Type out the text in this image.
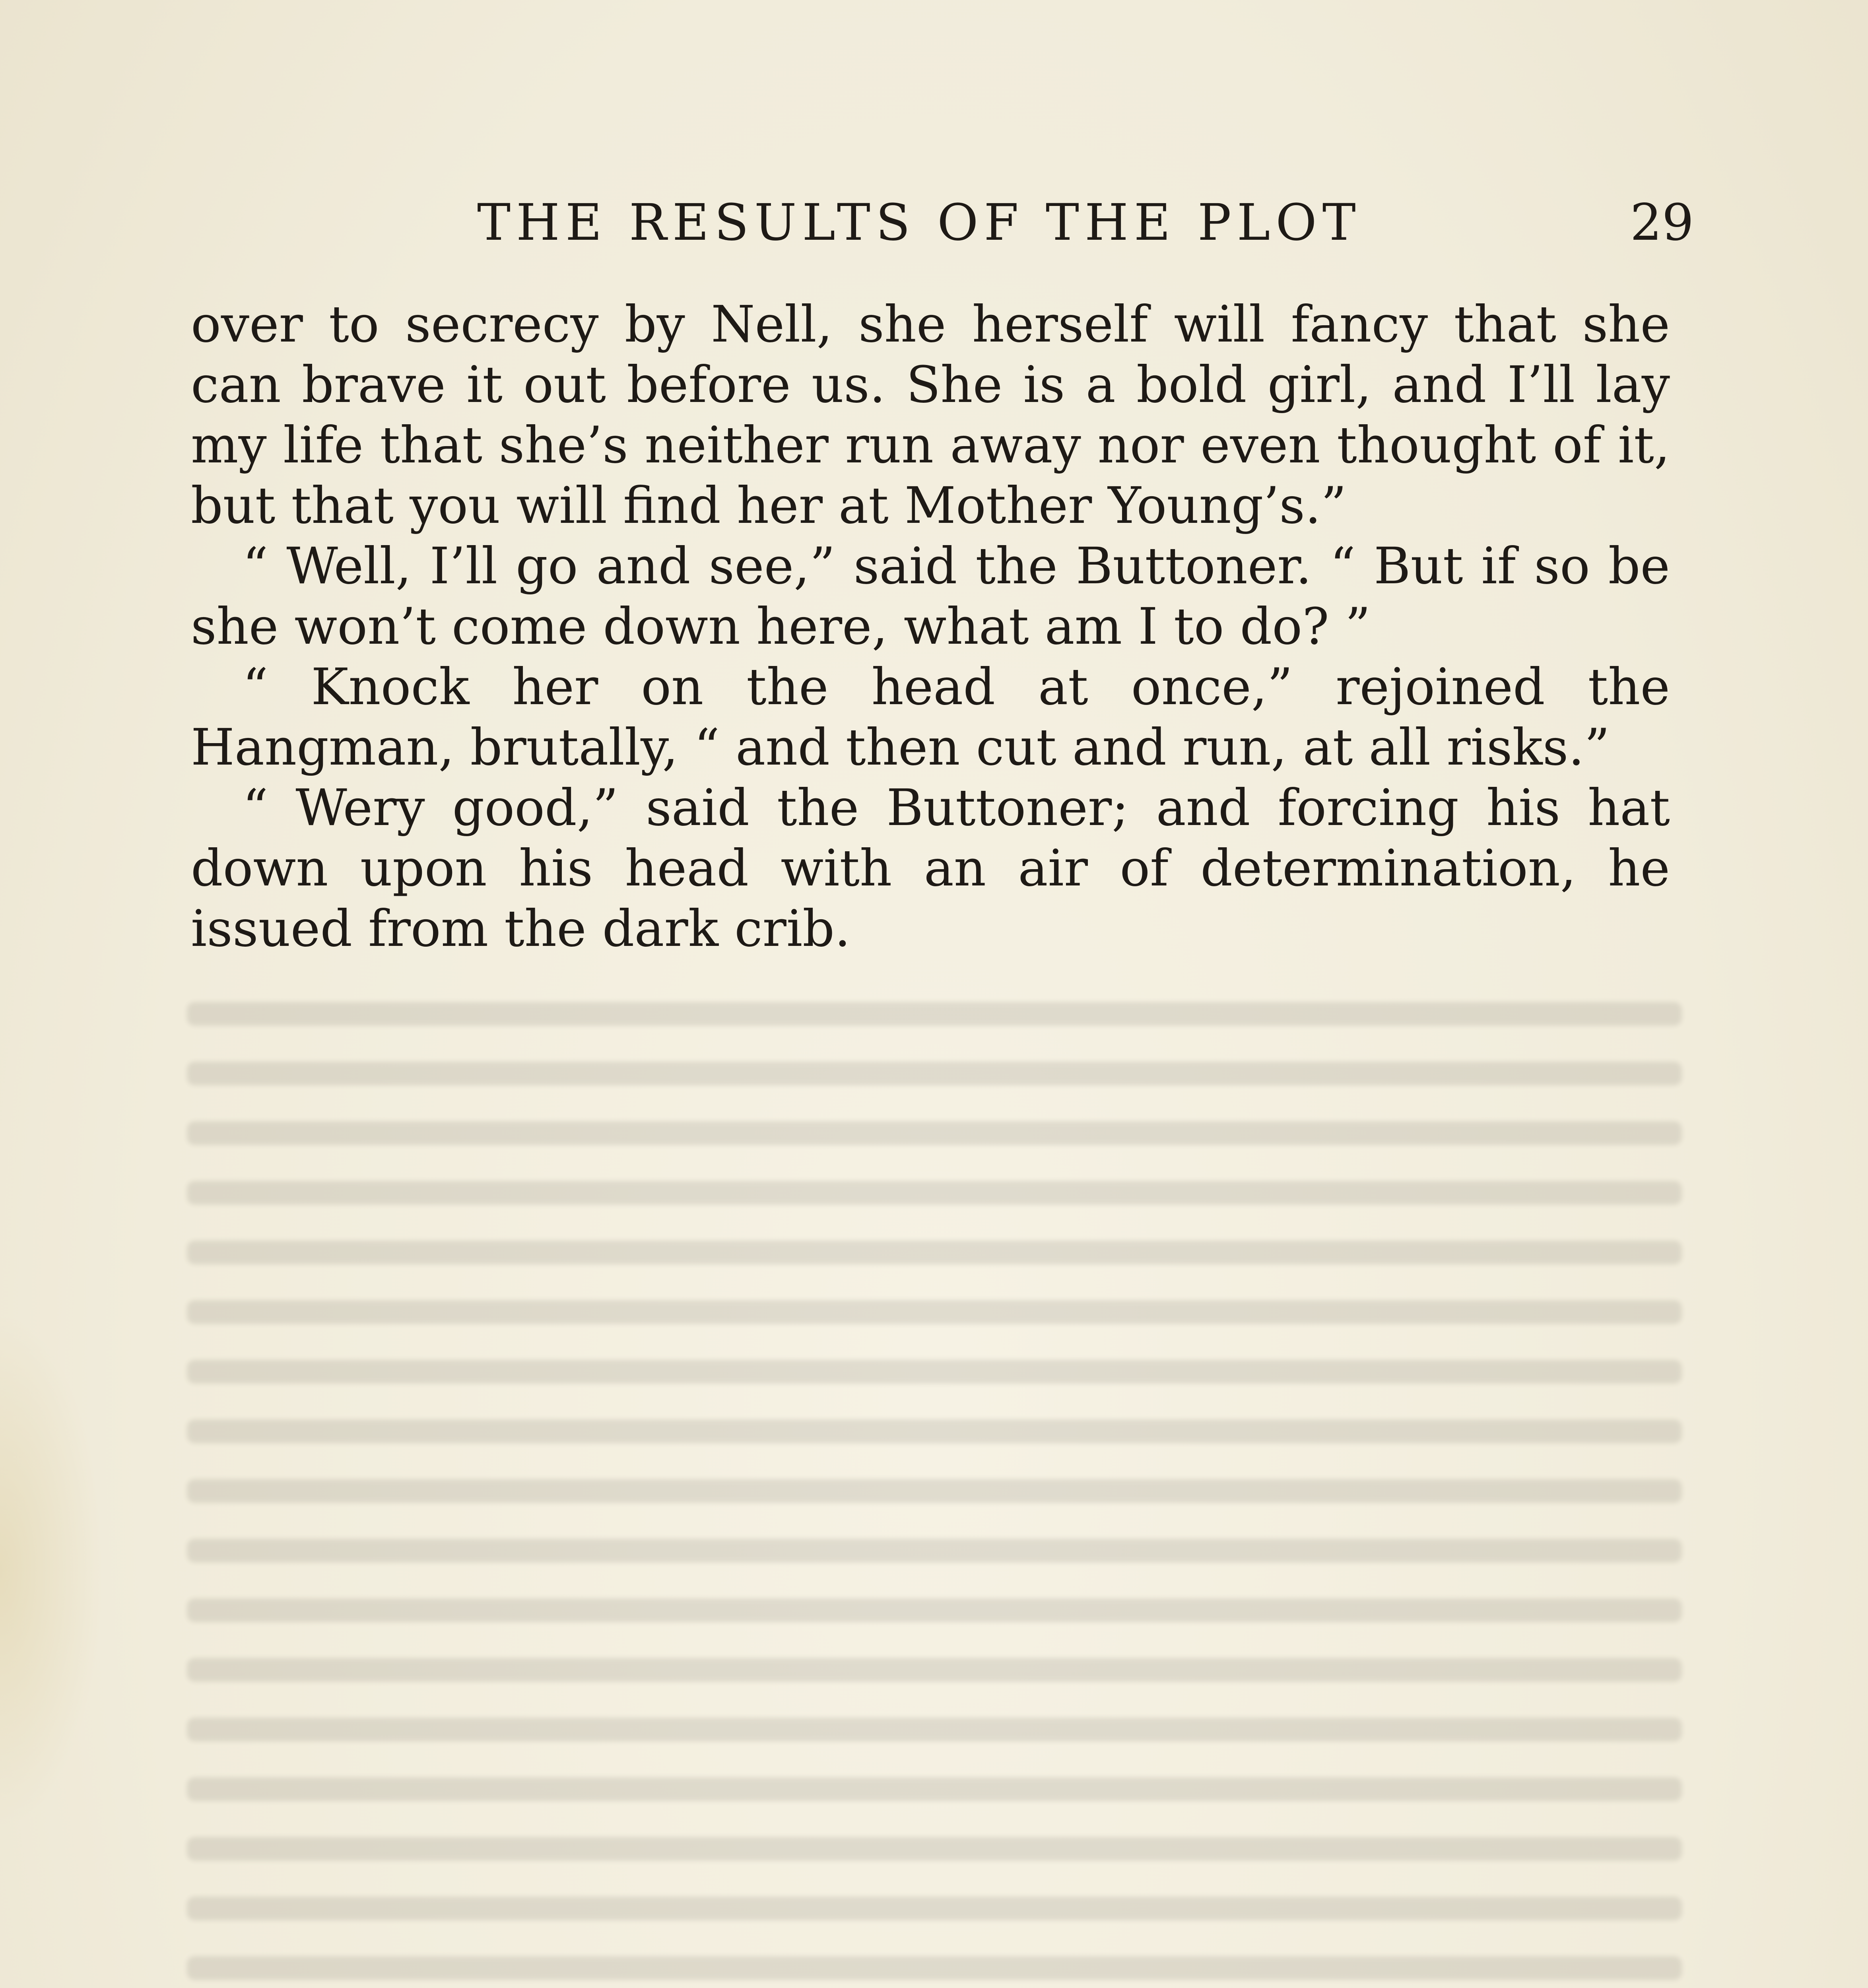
THE RESULTS OF THE PLOT	29

over to secrecy by Nell, she herself will fancy that she can brave it out before us. She is a bold girl, and I’ll lay my life that she’s neither run away nor even thought of it, but that you will find her at Mother Young’s.”

“ Well, I’ll go and see,” said the Buttoner. “ But if so be she won’t come down here, what am I to do? ”

“ Knock her on the head at once,” rejoined the Hangman, brutally, “ and then cut and run, at all risks.”

“ Wery good,” said the Buttoner; and forcing his hat down upon his head with an air of determination, he issued from the dark crib.
